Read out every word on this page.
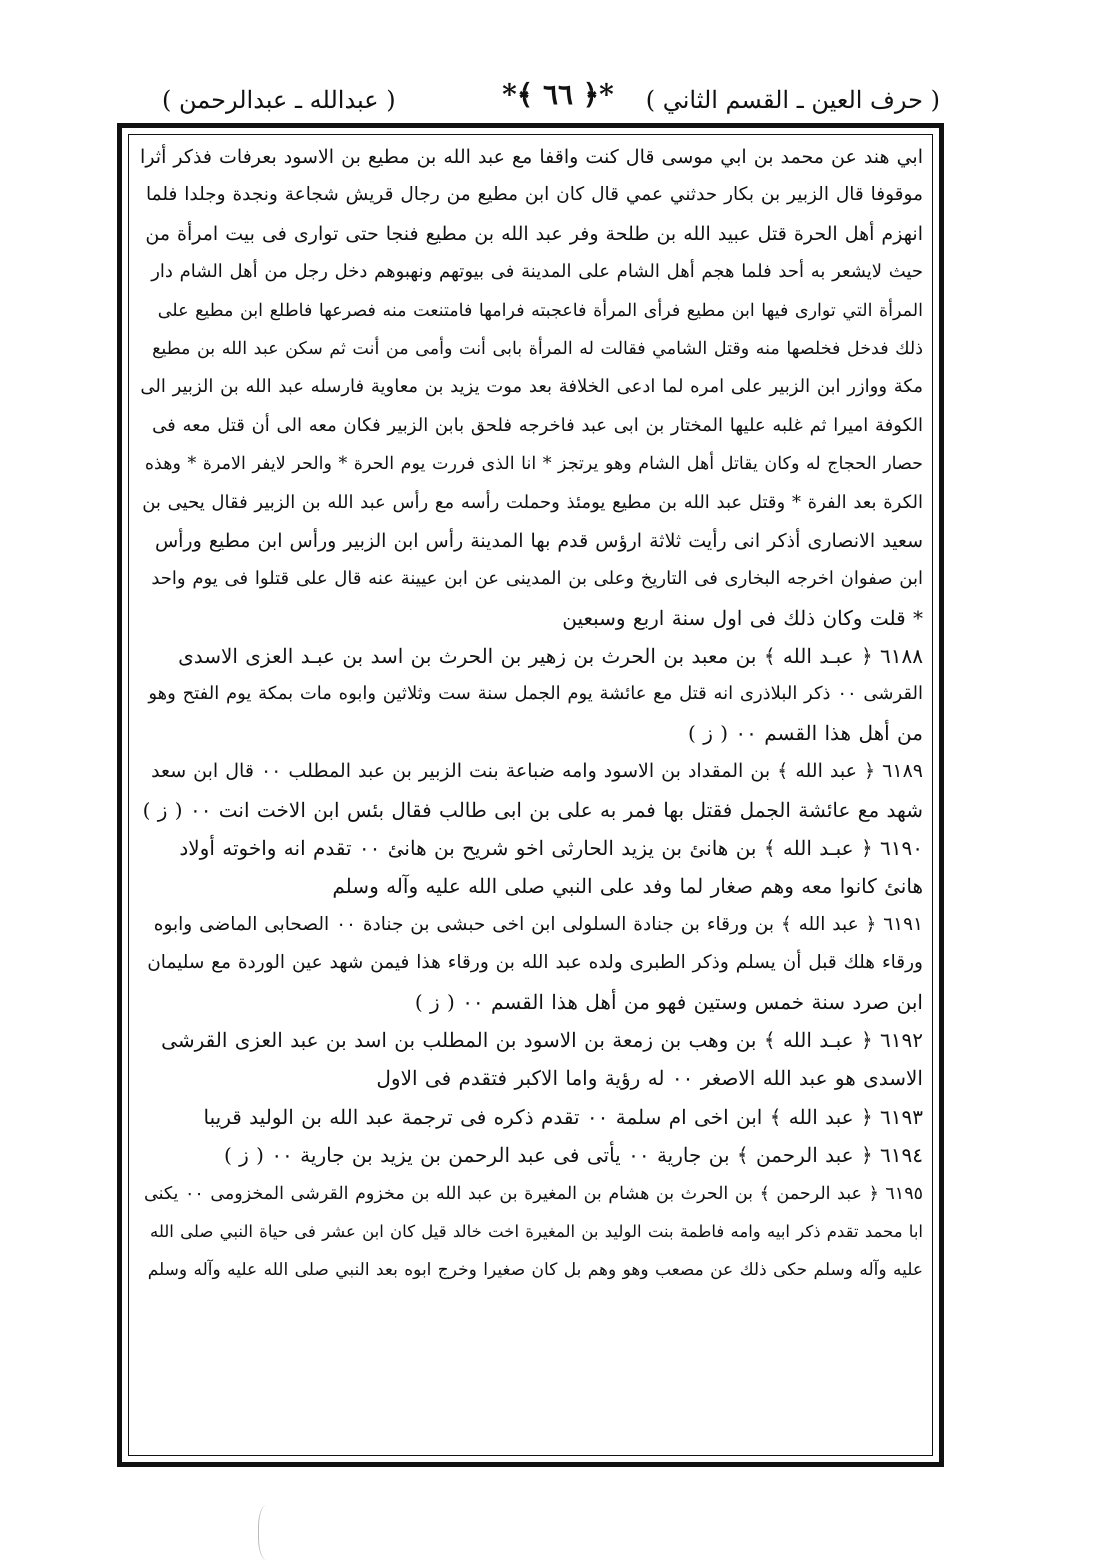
( حرف العين ـ القسم الثاني )
*﴿ ٦٦ ﴾*
( عبدالله ـ عبدالرحمن )
ابي هند عن محمد بن ابي موسى قال كنت واقفا مع عبد الله بن مطيع بن الاسود بعرفات فذكر أثرا
موقوفا قال الزبير بن بكار حدثني عمي قال كان ابن مطيع من رجال قريش شجاعة ونجدة وجلدا فلما
انهزم أهل الحرة قتل عبيد الله بن طلحة وفر عبد الله بن مطيع فنجا حتى توارى فى بيت امرأة من
حيث لايشعر به أحد فلما هجم أهل الشام على المدينة فى بيوتهم ونهبوهم دخل رجل من أهل الشام دار
المرأة التي توارى فيها ابن مطيع فرأى المرأة فاعجبته فرامها فامتنعت منه فصرعها فاطلع ابن مطيع على
ذلك فدخل فخلصها منه وقتل الشامي فقالت له المرأة بابى أنت وأمى من أنت ثم سكن عبد الله بن مطيع
مكة ووازر ابن الزبير على امره لما ادعى الخلافة بعد موت يزيد بن معاوية فارسله عبد الله بن الزبير الى
الكوفة اميرا ثم غلبه عليها المختار بن ابى عبد فاخرجه فلحق بابن الزبير فكان معه الى أن قتل معه فى
حصار الحجاج له وكان يقاتل أهل الشام وهو يرتجز * انا الذى فررت يوم الحرة * والحر لايفر الامرة * وهذه
الكرة بعد الفرة * وقتل عبد الله بن مطيع يومئذ وحملت رأسه مع رأس عبد الله بن الزبير فقال يحيى بن
سعيد الانصارى أذكر انى رأيت ثلاثة ارؤس قدم بها المدينة رأس ابن الزبير ورأس ابن مطيع ورأس
ابن صفوان اخرجه البخارى فى التاريخ وعلى بن المدينى عن ابن عيينة عنه قال على قتلوا فى يوم واحد
* قلت وكان ذلك فى اول سنة اربع وسبعين
٦١٨٨ ﴿ عبـد الله ﴾ بن معبد بن الحرث بن زهير بن الحرث بن اسد بن عبـد العزى الاسدى
القرشى ٠٠ ذكر البلاذرى انه قتل مع عائشة يوم الجمل سنة ست وثلاثين وابوه مات بمكة يوم الفتح وهو
من أهل هذا القسم ٠٠ ( ز )
٦١٨٩ ﴿ عبد الله ﴾ بن المقداد بن الاسود وامه ضباعة بنت الزبير بن عبد المطلب ٠٠ قال ابن سعد
شهد مع عائشة الجمل فقتل بها فمر به على بن ابى طالب فقال بئس ابن الاخت انت ٠٠ ( ز )
٦١٩٠ ﴿ عبـد الله ﴾ بن هانئ بن يزيد الحارثى اخو شريح بن هانئ ٠٠ تقدم انه واخوته أولاد
هانئ كانوا معه وهم صغار لما وفد على النبي صلى الله عليه وآله وسلم
٦١٩١ ﴿ عبد الله ﴾ بن ورقاء بن جنادة السلولى ابن اخى حبشى بن جنادة ٠٠ الصحابى الماضى وابوه
ورقاء هلك قبل أن يسلم وذكر الطبرى ولده عبد الله بن ورقاء هذا فيمن شهد عين الوردة مع سليمان
ابن صرد سنة خمس وستين فهو من أهل هذا القسم ٠٠ ( ز )
٦١٩٢ ﴿ عبـد الله ﴾ بن وهب بن زمعة بن الاسود بن المطلب بن اسد بن عبد العزى القرشى
الاسدى هو عبد الله الاصغر ٠٠ له رؤية واما الاكبر فتقدم فى الاول
٦١٩٣ ﴿ عبد الله ﴾ ابن اخى ام سلمة ٠٠ تقدم ذكره فى ترجمة عبد الله بن الوليد قريبا
٦١٩٤ ﴿ عبد الرحمن ﴾ بن جارية ٠٠ يأتى فى عبد الرحمن بن يزيد بن جارية ٠٠ ( ز )
٦١٩٥ ﴿ عبد الرحمن ﴾ بن الحرث بن هشام بن المغيرة بن عبد الله بن مخزوم القرشى المخزومى ٠٠ يكنى
ابا محمد تقدم ذكر ابيه وامه فاطمة بنت الوليد بن المغيرة اخت خالد قيل كان ابن عشر فى حياة النبي صلى الله
عليه وآله وسلم حكى ذلك عن مصعب وهو وهم بل كان صغيرا وخرج ابوه بعد النبي صلى الله عليه وآله وسلم
